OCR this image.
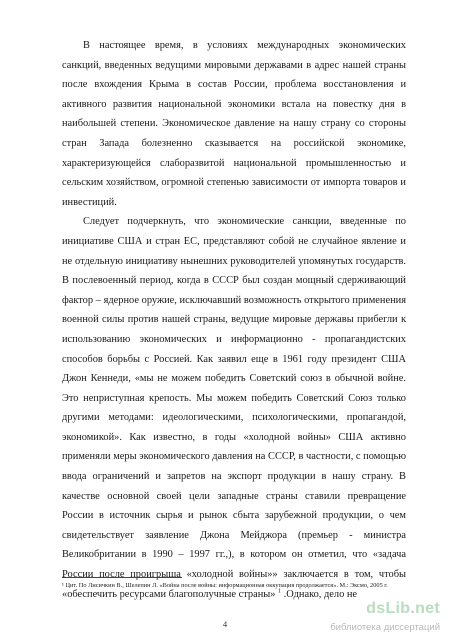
В настоящее время, в условиях международных экономических санкций, введенных ведущими мировыми державами в адрес нашей страны после вхождения Крыма в состав России, проблема восстановления и активного развития национальной экономики встала на повестку дня в наибольшей степени. Экономическое давление на нашу страну со стороны стран Запада болезненно сказывается на российской экономике, характеризующейся слаборазвитой национальной промышленностью и сельским хозяйством, огромной степенью зависимости от импорта товаров и инвестиций.

Следует подчеркнуть, что экономические санкции, введенные по инициативе США и стран ЕС, представляют собой не случайное явление и не отдельную инициативу нынешних руководителей упомянутых государств. В послевоенный период, когда в СССР был создан мощный сдерживающий фактор – ядерное оружие, исключавший возможность открытого применения военной силы против нашей страны, ведущие мировые державы прибегли к использованию экономических и информационно - пропагандистских способов борьбы с Россией. Как заявил еще в 1961 году президент США Джон Кеннеди, «мы не можем победить Советский союз в обычной войне. Это неприступная крепость. Мы можем победить Советский Союз только другими методами: идеологическими, психологическими, пропагандой, экономикой». Как известно, в годы «холодной войны» США активно применяли меры экономического давления на СССР, в частности, с помощью ввода ограничений и запретов на экспорт продукции в нашу страну. В качестве основной своей цели западные страны ставили превращение России в источник сырья и рынок сбыта зарубежной продукции, о чем свидетельствует заявление Джона Мейджора (премьер - министра Великобритании в 1990 – 1997 гг.,), в котором он отметил, что «задача России после проигрыша «холодной войны»» заключается в том, чтобы «обеспечить ресурсами благополучные страны» $^1$ .Однако, дело не

¹ Цит. По Лисичкин В., Шелепин Л. «Война после войны: информационная оккупация продолжается». М.: Эксмо, 2005 г.
4
dsLib.net
библиотека диссертаций
